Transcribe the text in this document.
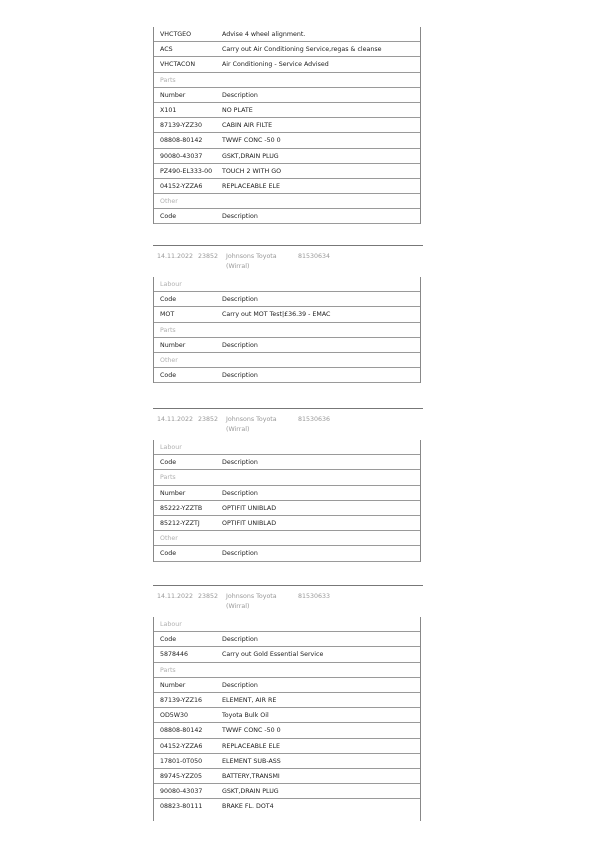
VHCTGEO	Advise 4 wheel alignment.
ACS	Carry out Air Conditioning Service,regas & cleanse
VHCTACON	Air Conditioning - Service Advised
Parts
Number	Description
X101	NO PLATE
87139-YZZ30	CABIN AIR FILTE
08808-80142	TWWF CONC -50 0
90080-43037	GSKT,DRAIN PLUG
PZ490-EL333-00 TOUCH 2 WITH GO
04152-YZZA6	REPLACEABLE ELE
Other
Code	Description
14.11.2022 23852 Johnsons Toyota	81530634
(Wirral)
Labour
Code	Description
MOT	Carry out MOT Test|£36.39 - EMAC
Parts
Number	Description
Other
Code	Description
14.11.2022 23852 Johnsons Toyota	81530636
(Wirral)
Labour
Code	Description
Parts
Number	Description
85222-YZZTB	OPTIFIT UNIBLAD
85212-YZZTJ	OPTIFIT UNIBLAD
Other
Code	Description
14.11.2022 23852 Johnsons Toyota	81530633
(Wirral)
Labour
Code	Description
5878446	Carry out Gold Essential Service
Parts
Number	Description
87139-YZZ16	ELEMENT, AIR RE
OD5W30	Toyota Bulk Oil
08808-80142	TWWF CONC -50 0
04152-YZZA6	REPLACEABLE ELE
17801-0T050	ELEMENT SUB-ASS
89745-YZZ05	BATTERY,TRANSMI
90080-43037	GSKT,DRAIN PLUG
08823-80111	BRAKE FL. DOT4
